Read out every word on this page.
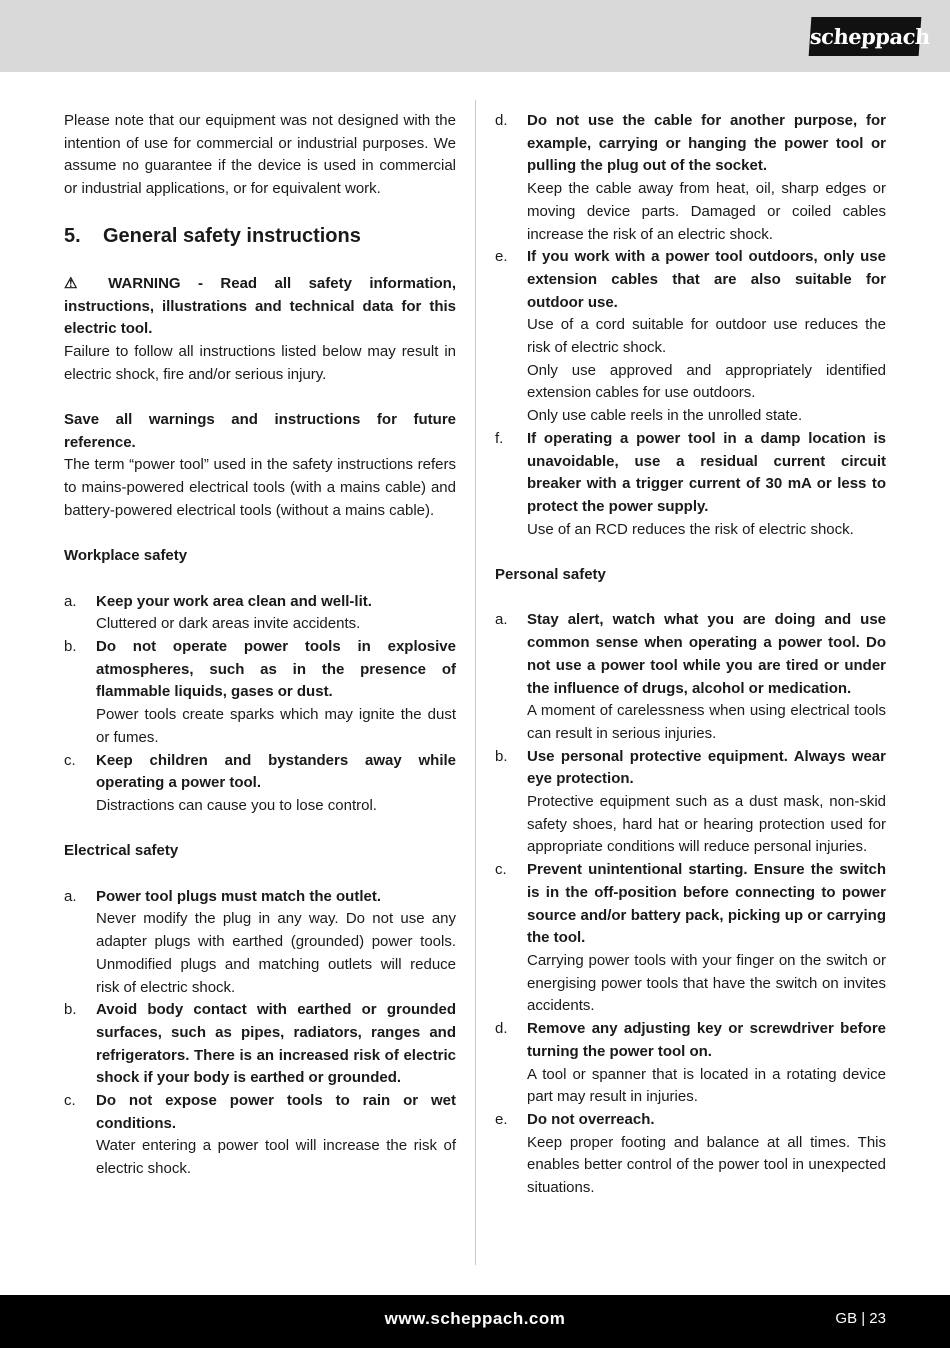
scheppach
Please note that our equipment was not designed with the intention of use for commercial or industrial purposes. We assume no guarantee if the device is used in commercial or industrial applications, or for equivalent work.
5.	General safety instructions
⚠ WARNING - Read all safety information, instructions, illustrations and technical data for this electric tool.
Failure to follow all instructions listed below may result in electric shock, fire and/or serious injury.
Save all warnings and instructions for future reference.
The term “power tool” used in the safety instructions refers to mains-powered electrical tools (with a mains cable) and battery-powered electrical tools (without a mains cable).
Workplace safety
a.	Keep your work area clean and well-lit.
Cluttered or dark areas invite accidents.
b.	Do not operate power tools in explosive atmospheres, such as in the presence of flammable liquids, gases or dust.
Power tools create sparks which may ignite the dust or fumes.
c.	Keep children and bystanders away while operating a power tool.
Distractions can cause you to lose control.
Electrical safety
a.	Power tool plugs must match the outlet.
Never modify the plug in any way. Do not use any adapter plugs with earthed (grounded) power tools. Unmodified plugs and matching outlets will reduce risk of electric shock.
b.	Avoid body contact with earthed or grounded surfaces, such as pipes, radiators, ranges and refrigerators. There is an increased risk of electric shock if your body is earthed or grounded.
c.	Do not expose power tools to rain or wet conditions.
Water entering a power tool will increase the risk of electric shock.
d.	Do not use the cable for another purpose, for example, carrying or hanging the power tool or pulling the plug out of the socket.
Keep the cable away from heat, oil, sharp edges or moving device parts. Damaged or coiled cables increase the risk of an electric shock.
e.	If you work with a power tool outdoors, only use extension cables that are also suitable for outdoor use.
Use of a cord suitable for outdoor use reduces the risk of electric shock.
Only use approved and appropriately identified extension cables for use outdoors.
Only use cable reels in the unrolled state.
f.	If operating a power tool in a damp location is unavoidable, use a residual current circuit breaker with a trigger current of 30 mA or less to protect the power supply.
Use of an RCD reduces the risk of electric shock.
Personal safety
a.	Stay alert, watch what you are doing and use common sense when operating a power tool. Do not use a power tool while you are tired or under the influence of drugs, alcohol or medication.
A moment of carelessness when using electrical tools can result in serious injuries.
b.	Use personal protective equipment. Always wear eye protection.
Protective equipment such as a dust mask, non-skid safety shoes, hard hat or hearing protection used for appropriate conditions will reduce personal injuries.
c.	Prevent unintentional starting. Ensure the switch is in the off-position before connecting to power source and/or battery pack, picking up or carrying the tool.
Carrying power tools with your finger on the switch or energising power tools that have the switch on invites accidents.
d.	Remove any adjusting key or screwdriver before turning the power tool on.
A tool or spanner that is located in a rotating device part may result in injuries.
e.	Do not overreach.
Keep proper footing and balance at all times. This enables better control of the power tool in unexpected situations.
www.scheppach.com	GB | 23
